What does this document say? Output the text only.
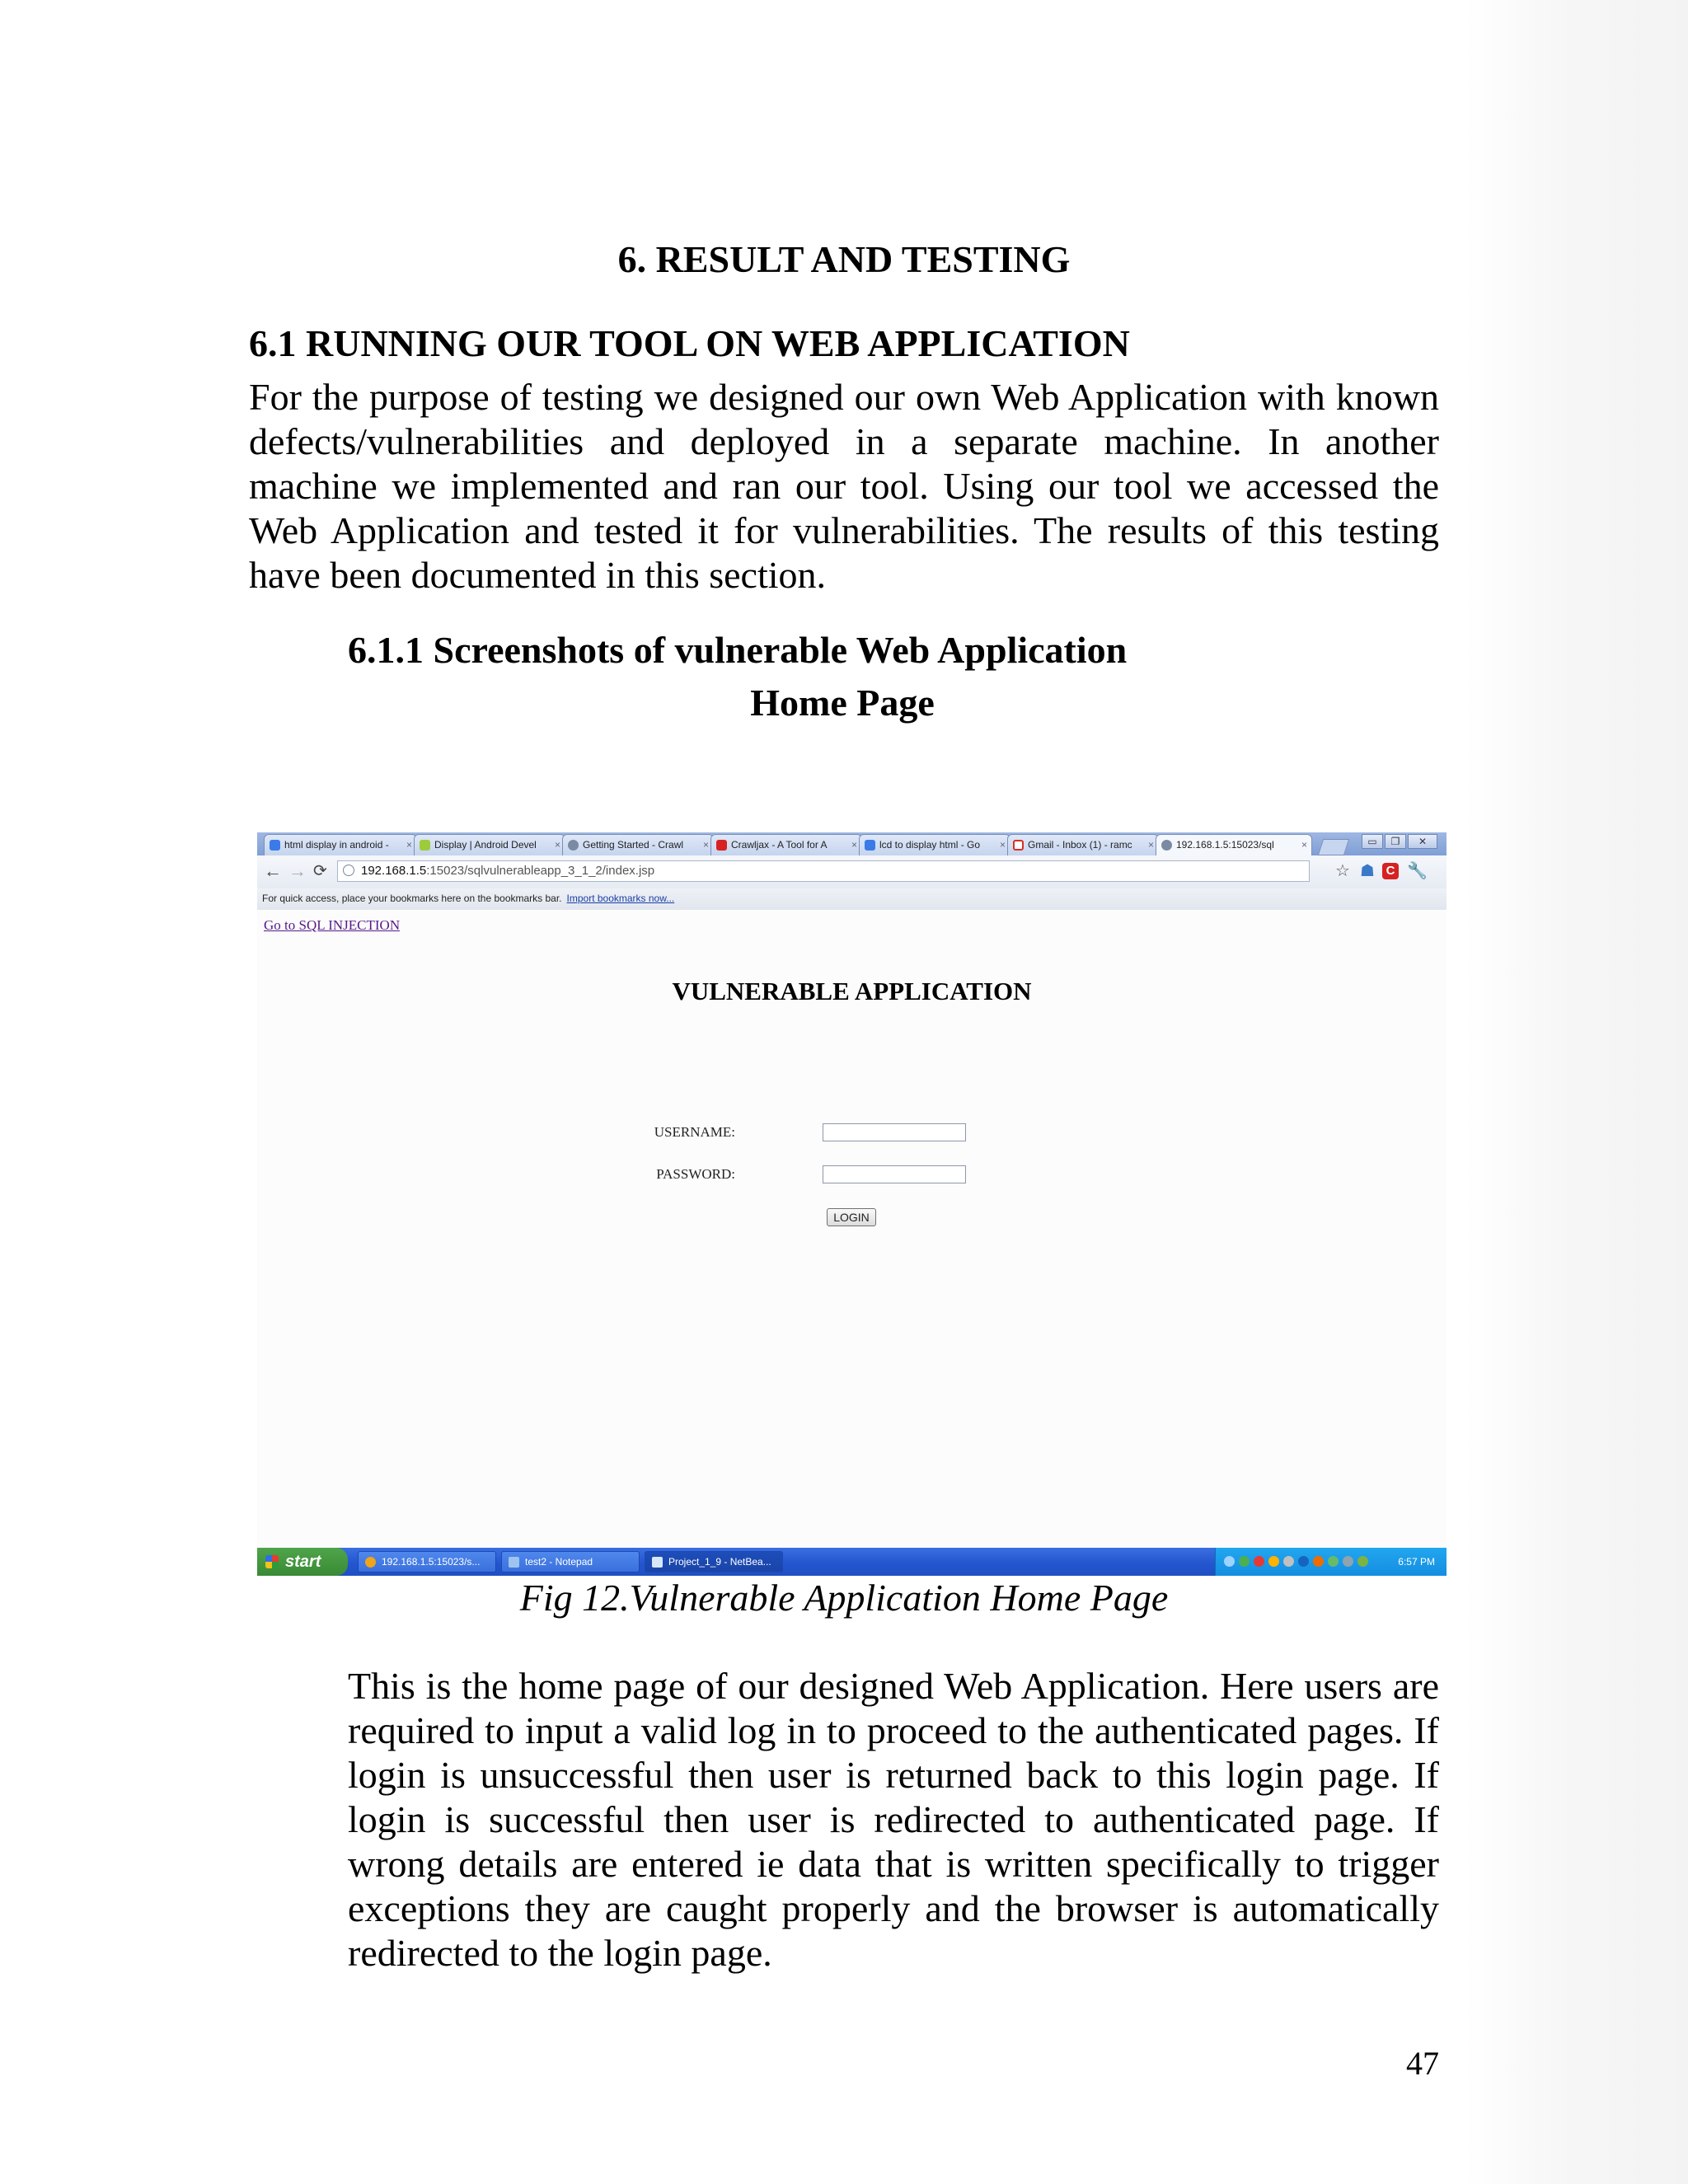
6. RESULT AND TESTING
6.1 RUNNING OUR TOOL ON WEB APPLICATION

For the purpose of testing we designed our own Web Application with known defects/vulnerabilities and deployed in a separate machine. In another machine we implemented and ran our tool. Using our tool we accessed the Web Application and tested it for vulnerabilities. The results of this testing have been documented in this section.

6.1.1 Screenshots of vulnerable Web Application
Home Page
html display in android - ×	Display | Android Devel ×	Getting Started - Crawl ×	Crawljax - A Tool for A ×	lcd to display html - Go ×	Gmail - Inbox (1) - ramc ×	192.168.1.5:15023/sql	×	▭	❐	✕
← → ⟳	192.168.1.5:15023/sqlvulnerableapp_3_1_2/index.jsp	☆ ☗ C 🔧
For quick access, place your bookmarks here on the bookmarks bar. Import bookmarks now...
Go to SQL INJECTION
VULNERABLE APPLICATION
USERNAME:
PASSWORD:
LOGIN
start	192.168.1.5:15023/s...	test2 - Notepad	Project_1_9 - NetBea...	6:57 PM
Fig 12.Vulnerable Application Home Page

This is the home page of our designed Web Application. Here users are required to input a valid log in to proceed to the authenticated pages. If login is unsuccessful then user is returned back to this login page. If login is successful then user is redirected to authenticated page. If wrong details are entered ie data that is written specifically to trigger exceptions they are caught properly and the browser is automatically redirected to the login page.

47
